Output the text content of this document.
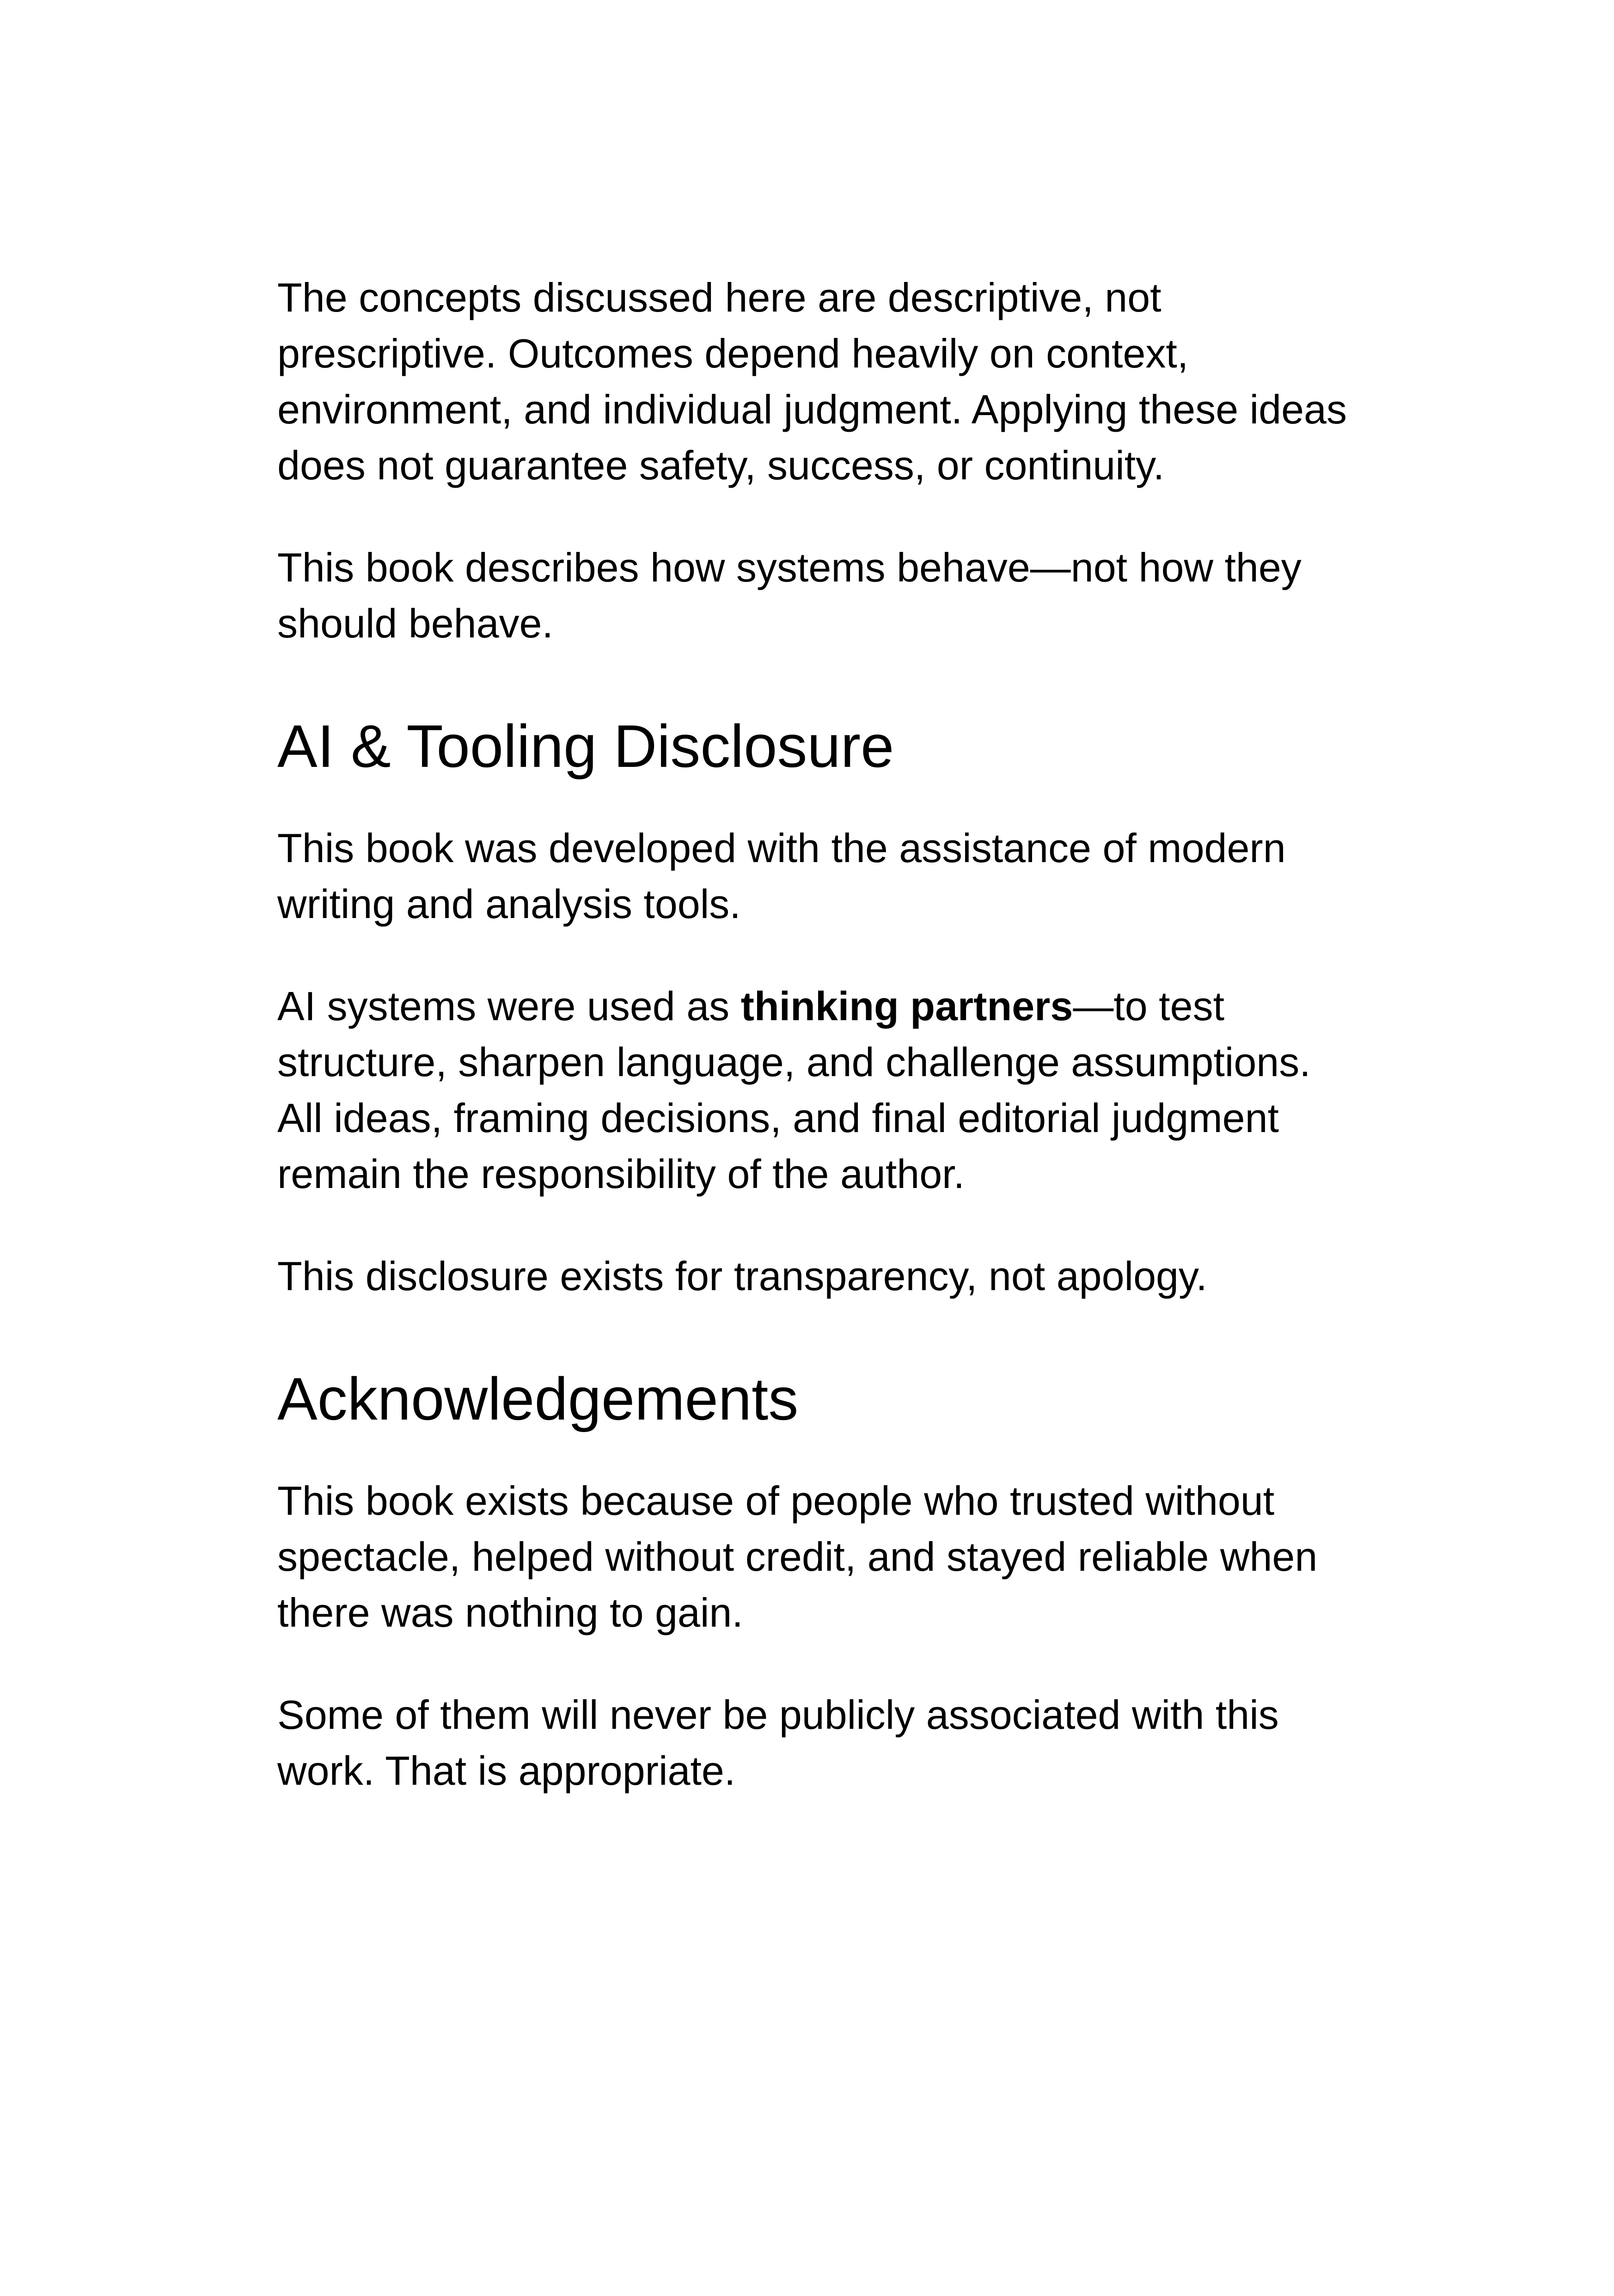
The concepts discussed here are descriptive, not prescriptive. Outcomes depend heavily on context, environment, and individual judgment. Applying these ideas does not guarantee safety, success, or continuity.

This book describes how systems behave—not how they should behave.

AI & Tooling Disclosure

This book was developed with the assistance of modern writing and analysis tools.

AI systems were used as thinking partners—to test structure, sharpen language, and challenge assumptions. All ideas, framing decisions, and final editorial judgment remain the responsibility of the author.

This disclosure exists for transparency, not apology.

Acknowledgements

This book exists because of people who trusted without spectacle, helped without credit, and stayed reliable when there was nothing to gain.

Some of them will never be publicly associated with this work. That is appropriate.
